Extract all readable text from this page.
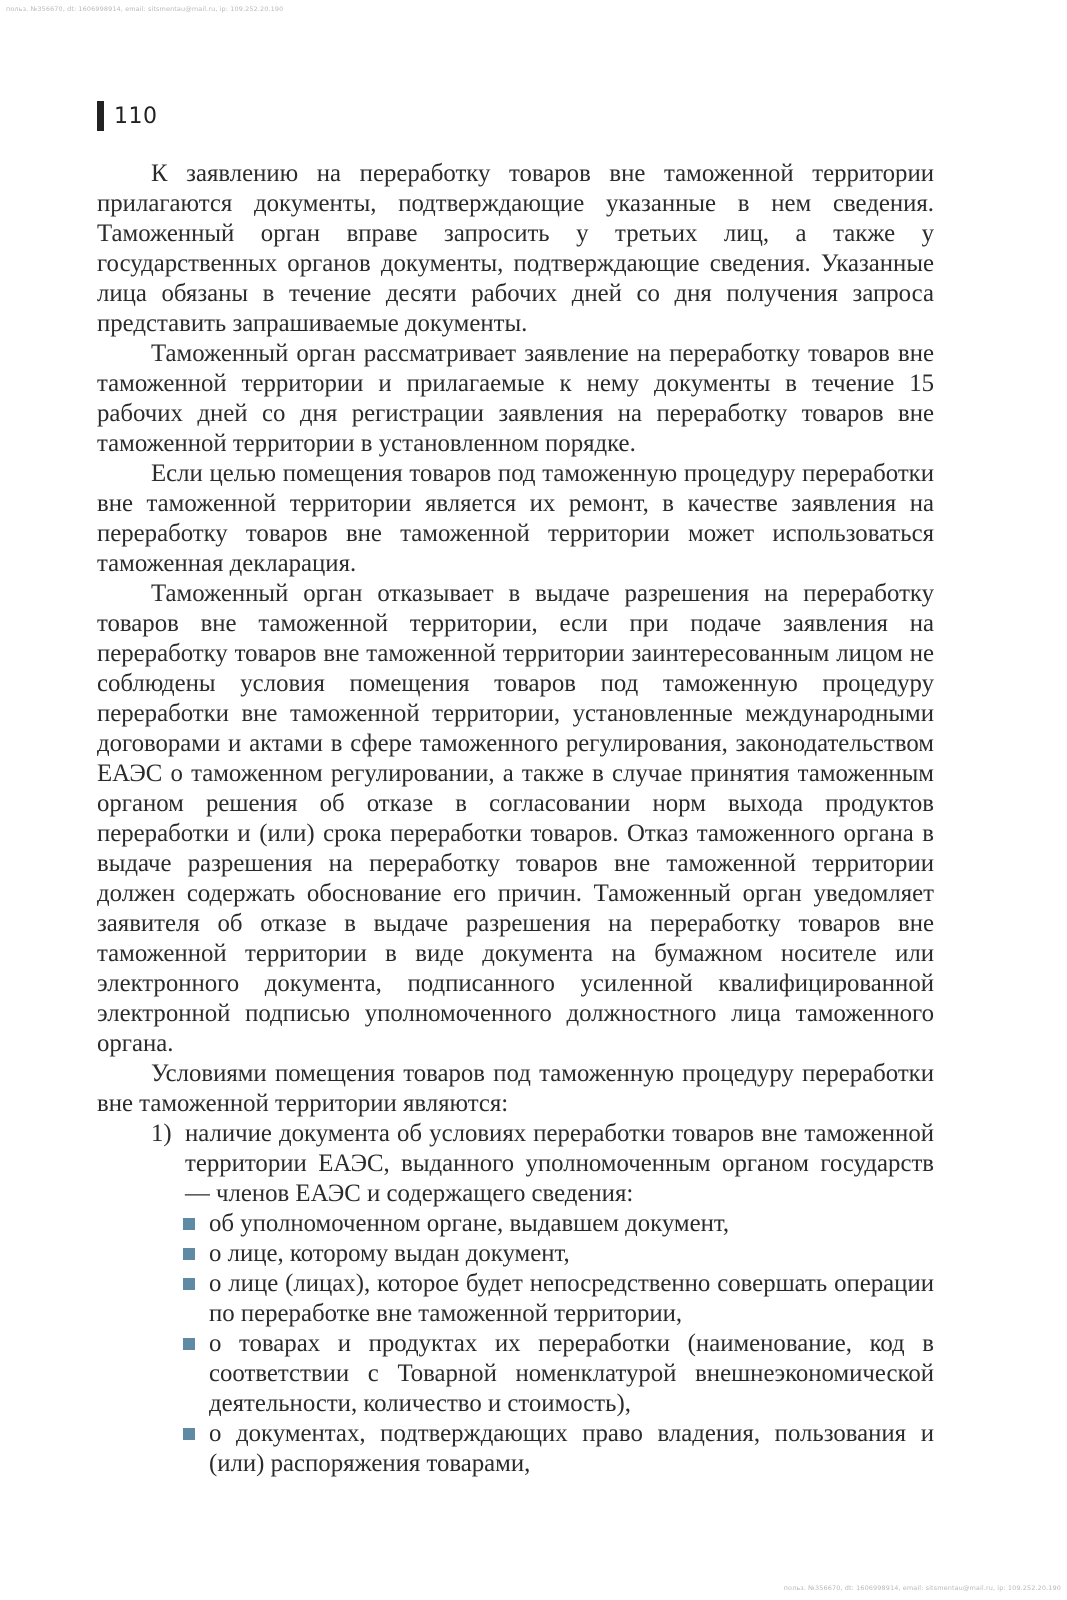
польз. №356670, dt: 1606998914, email: sitsmentau@mail.ru, ip: 109.252.20.190
110

К заявлению на переработку товаров вне таможенной территории прилагаются документы, подтверждающие указанные в нем сведения. Таможенный орган вправе запросить у третьих лиц, а также у государственных органов документы, подтверждающие сведения. Указанные лица обязаны в течение десяти рабочих дней со дня получения запроса представить запрашиваемые документы.

Таможенный орган рассматривает заявление на переработку товаров вне таможенной территории и прилагаемые к нему документы в течение 15 рабочих дней со дня регистрации заявления на переработку товаров вне таможенной территории в установленном порядке.

Если целью помещения товаров под таможенную процедуру переработки вне таможенной территории является их ремонт, в качестве заявления на переработку товаров вне таможенной территории может использоваться таможенная декларация.

Таможенный орган отказывает в выдаче разрешения на переработку товаров вне таможенной территории, если при подаче заявления на переработку товаров вне таможенной территории заинтересованным лицом не соблюдены условия помещения товаров под таможенную процедуру переработки вне таможенной территории, установленные международными договорами и актами в сфере таможенного регулирования, законодательством ЕАЭС о таможенном регулировании, а также в случае принятия таможенным органом решения об отказе в согласовании норм выхода продуктов переработки и (или) срока переработки товаров. Отказ таможенного органа в выдаче разрешения на переработку товаров вне таможенной территории должен содержать обоснование его причин. Таможенный орган уведомляет заявителя об отказе в выдаче разрешения на переработку товаров вне таможенной территории в виде документа на бумажном носителе или электронного документа, подписанного усиленной квалифицированной электронной подписью уполномоченного должностного лица таможенного органа.

Условиями помещения товаров под таможенную процедуру переработки вне таможенной территории являются:

1) наличие документа об условиях переработки товаров вне таможенной территории ЕАЭС, выданного уполномоченным органом государств — членов ЕАЭС и содержащего сведения:
об уполномоченном органе, выдавшем документ,
о лице, которому выдан документ,
о лице (лицах), которое будет непосредственно совершать операции по переработке вне таможенной территории,
о товарах и продуктах их переработки (наименование, код в соответствии с Товарной номенклатурой внешнеэкономической деятельности, количество и стоимость),
о документах, подтверждающих право владения, пользования и (или) распоряжения товарами,
польз. №356670, dt: 1606998914, email: sitsmentau@mail.ru, ip: 109.252.20.190
